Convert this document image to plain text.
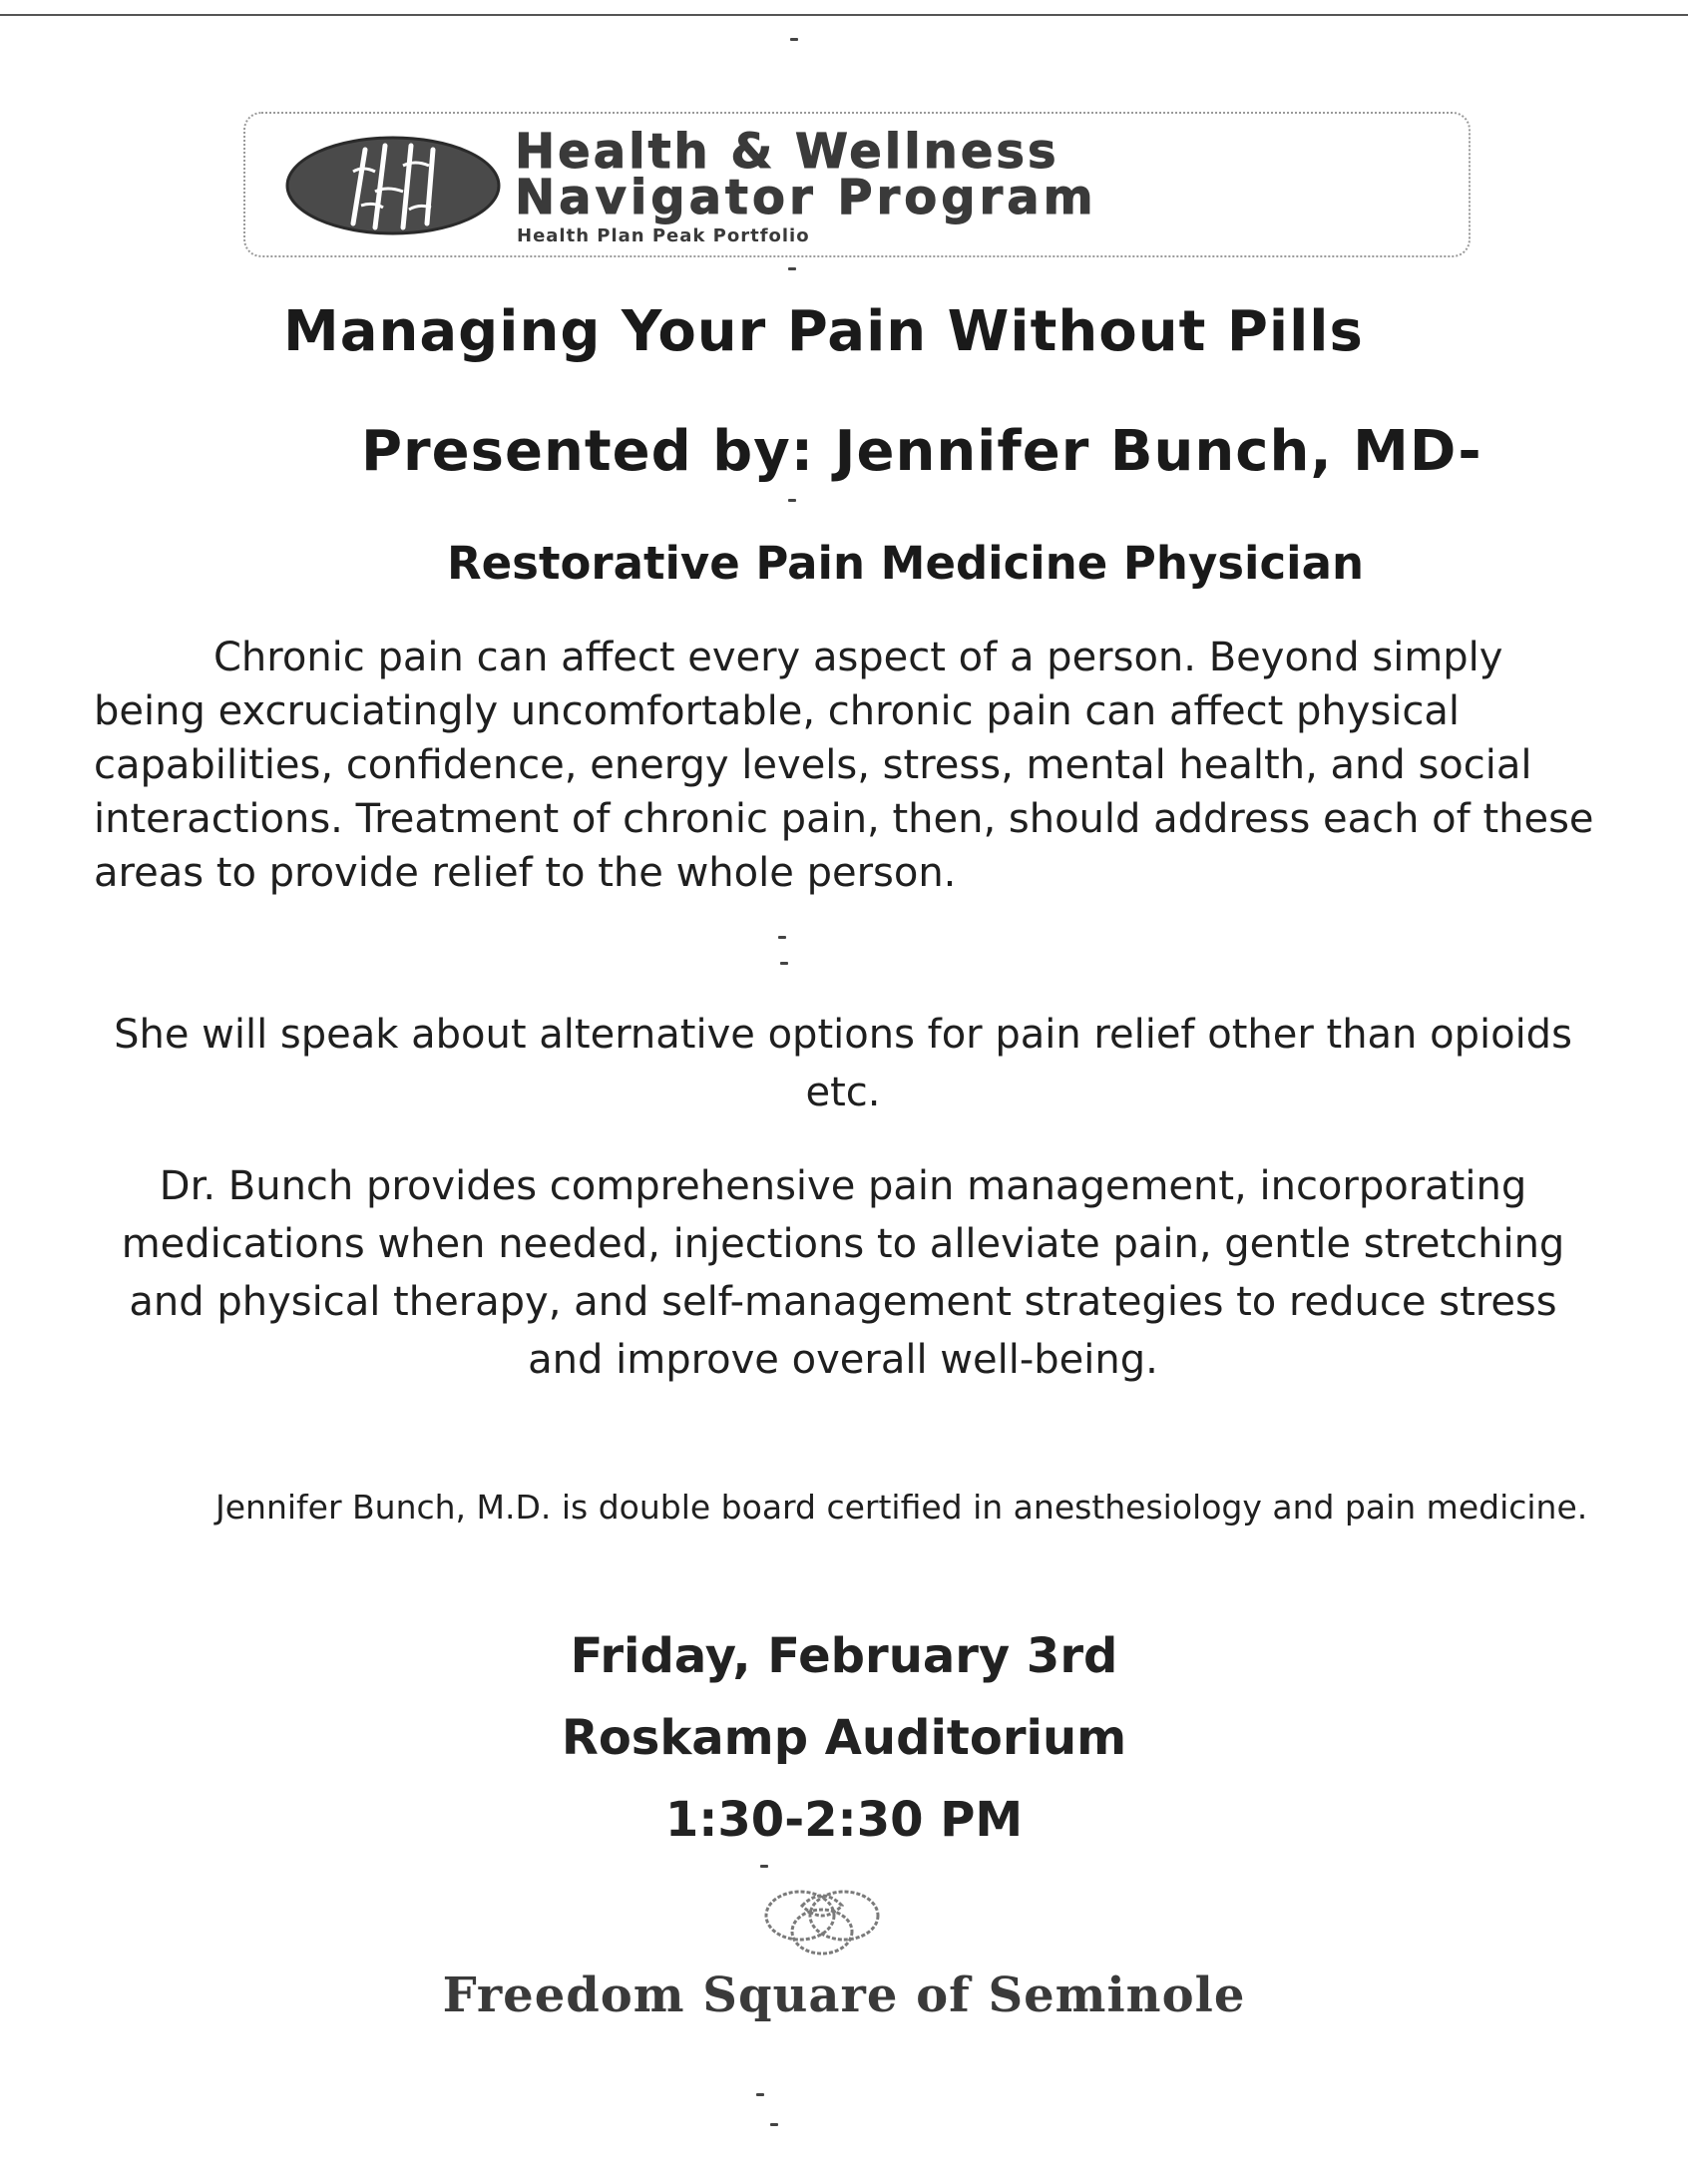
Health & Wellness
Navigator Program
Health Plan Peak Portfolio
Managing Your Pain Without Pills
Presented by: Jennifer Bunch, MD-
Restorative Pain Medicine Physician
Chronic pain can affect every aspect of a person. Beyond simply being excruciatingly uncomfortable, chronic pain can affect physical capabilities, confidence, energy levels, stress, mental health, and social interactions. Treatment of chronic pain, then, should address each of these areas to provide relief to the whole person.
She will speak about alternative options for pain relief other than opioids etc.
Dr. Bunch provides comprehensive pain management, incorporating medications when needed, injections to alleviate pain, gentle stretching and physical therapy, and self-management strategies to reduce stress and improve overall well-being.
Jennifer Bunch, M.D. is double board certified in anesthesiology and pain medicine.
Friday, February 3rd
Roskamp Auditorium
1:30-2:30 PM
Freedom Square of Seminole
